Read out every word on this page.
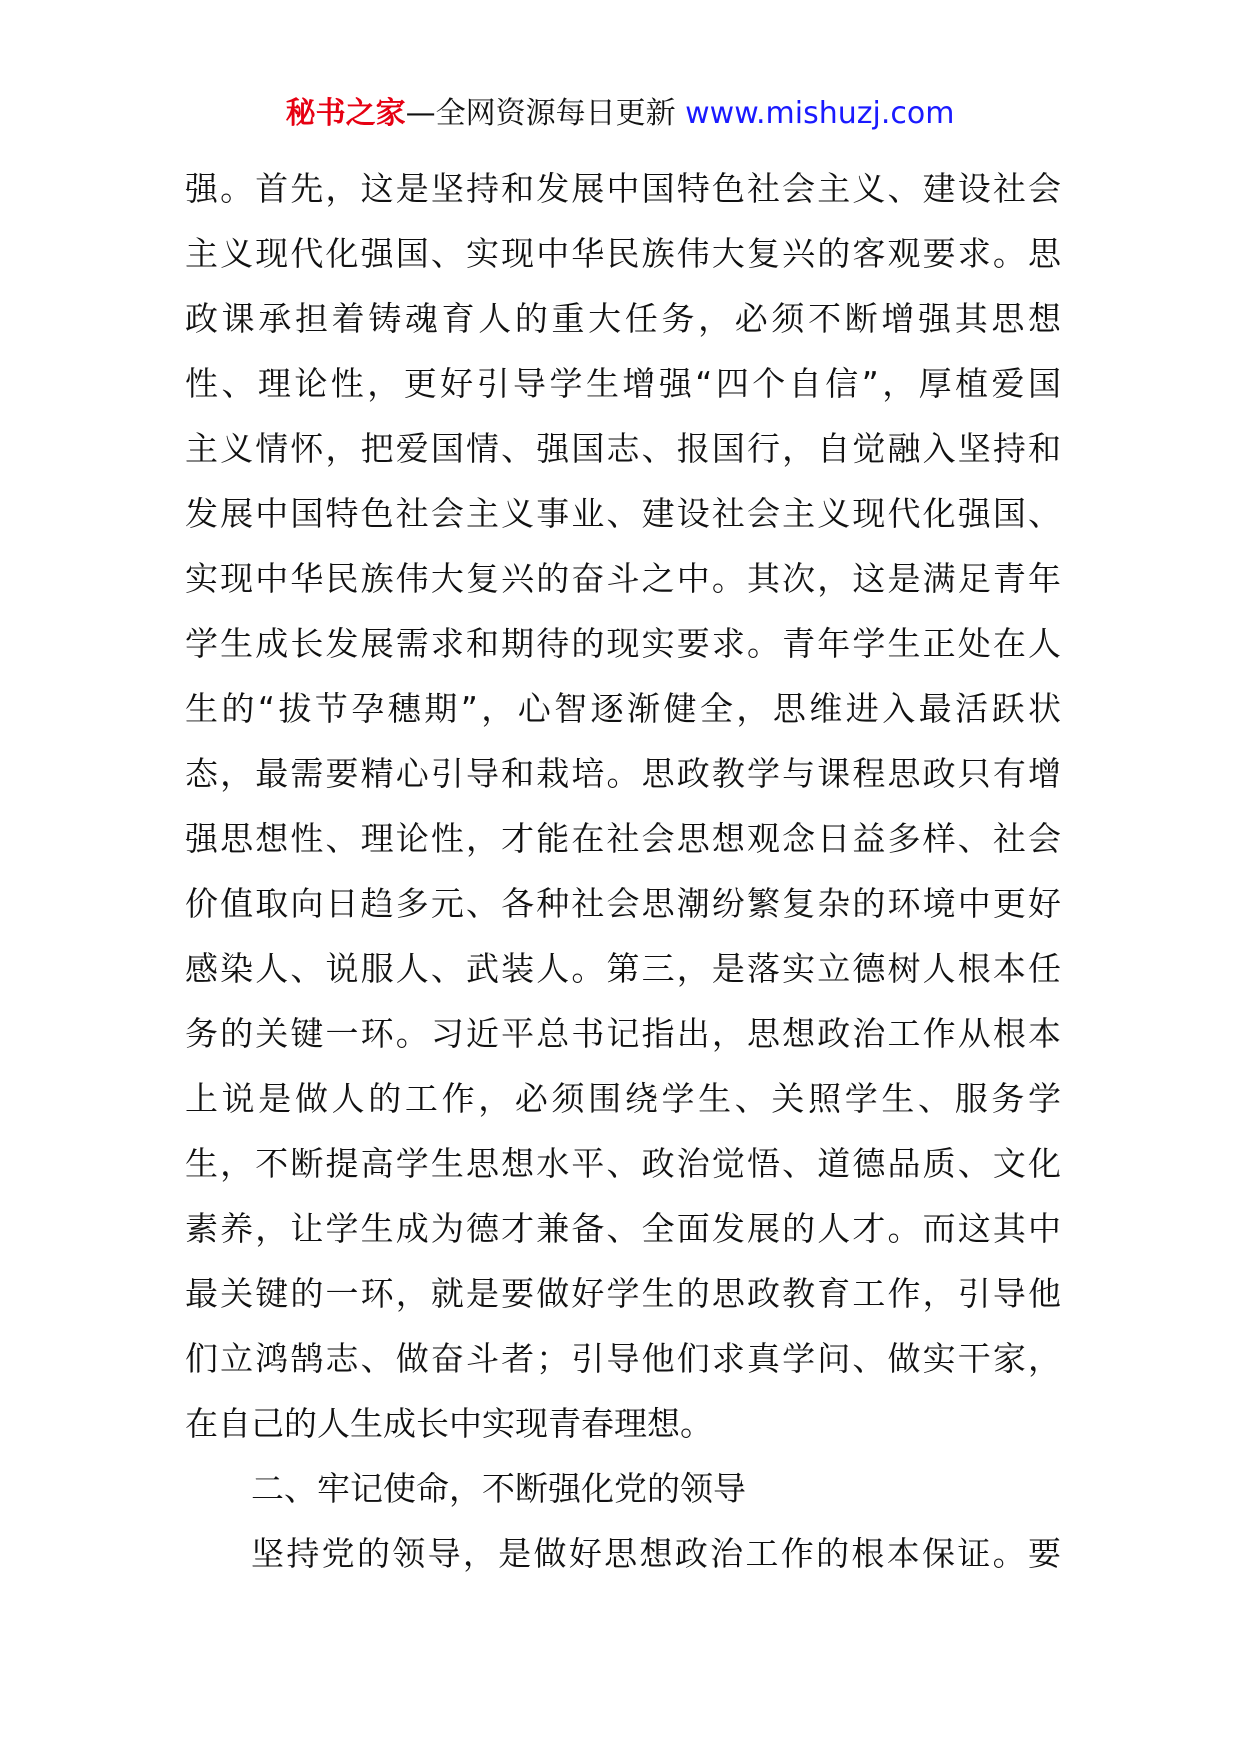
秘书之家—全网资源每日更新 www.mishuzj.com
强。首先，这是坚持和发展中国特色社会主义、建设社会
主义现代化强国、实现中华民族伟大复兴的客观要求。思
政课承担着铸魂育人的重大任务，必须不断增强其思想
性、理论性，更好引导学生增强“四个自信”，厚植爱国
主义情怀，把爱国情、强国志、报国行，自觉融入坚持和
发展中国特色社会主义事业、建设社会主义现代化强国、
实现中华民族伟大复兴的奋斗之中。其次，这是满足青年
学生成长发展需求和期待的现实要求。青年学生正处在人
生的“拔节孕穗期”，心智逐渐健全，思维进入最活跃状
态，最需要精心引导和栽培。思政教学与课程思政只有增
强思想性、理论性，才能在社会思想观念日益多样、社会
价值取向日趋多元、各种社会思潮纷繁复杂的环境中更好
感染人、说服人、武装人。第三，是落实立德树人根本任
务的关键一环。习近平总书记指出，思想政治工作从根本
上说是做人的工作，必须围绕学生、关照学生、服务学
生，不断提高学生思想水平、政治觉悟、道德品质、文化
素养，让学生成为德才兼备、全面发展的人才。而这其中
最关键的一环，就是要做好学生的思政教育工作，引导他
们立鸿鹄志、做奋斗者；引导他们求真学问、做实干家，
在自己的人生成长中实现青春理想。
二、牢记使命，不断强化党的领导
坚持党的领导，是做好思想政治工作的根本保证。要
